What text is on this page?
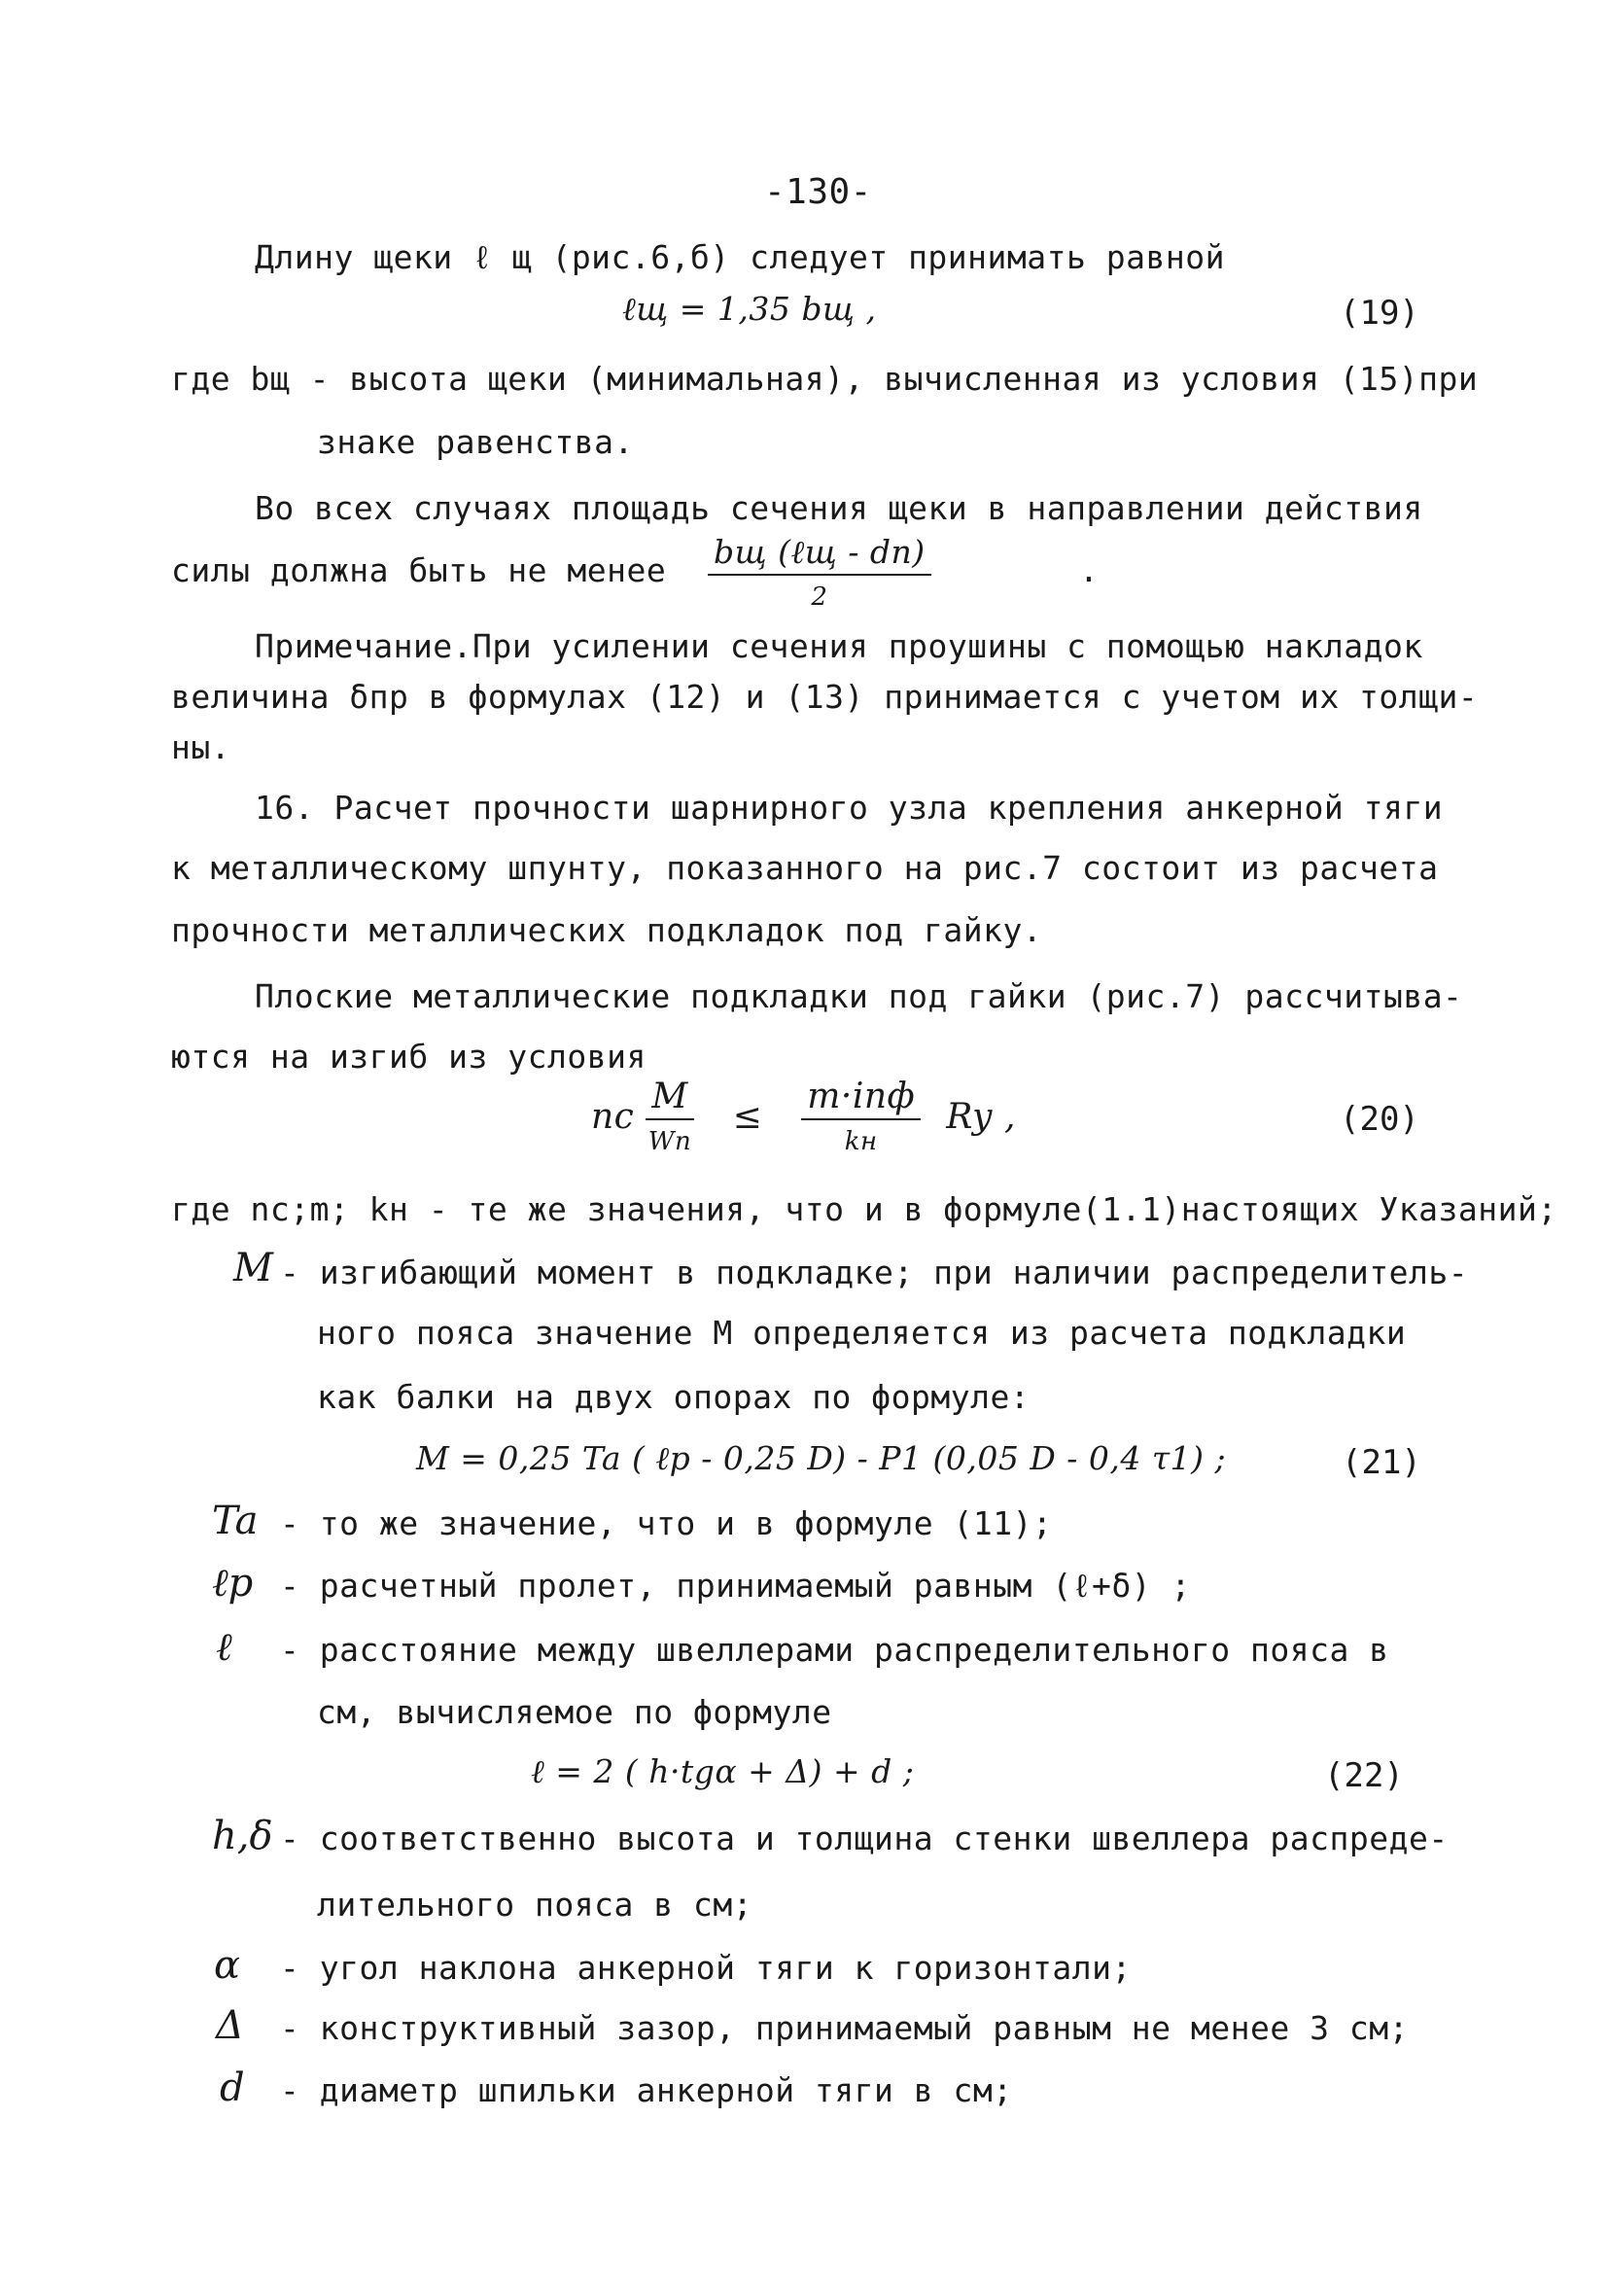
-130-
Длину щеки ℓ щ (рис.6,б) следует принимать равной
ℓщ = 1,35 bщ ,	(19)
где bщ - высота щеки (минимальная), вычисленная из условия (15)при
знаке равенства.
Во всех случаях площадь сечения щеки в направлении действия
силы должна быть не менее $\frac{\text{bщ (ℓщ - dп)}}{2}$	.
Примечание.При усилении сечения проушины с помощью накладок
величина δпр в формулах (12) и (13) принимается с учетом их толщи-
ны.
16. Расчет прочности шарнирного узла крепления анкерной тяги
к металлическому шпунту, показанного на рис.7 состоит из расчета
прочности металлических подкладок под гайку.
Плоские металлические подкладки под гайки (рис.7) рассчитыва-
ются на изгиб из условия
nc $\frac{M}{Wп} \le \frac{\text{m·inф}}{kн}$ Ry ,	(20)
где nc;m; kн - те же значения, что и в формуле(1.1)настоящих Указаний;
M - изгибающий момент в подкладке; при наличии распределитель-
ного пояса значение M определяется из расчета подкладки
как балки на двух опорах по формуле:
M = 0,25 Ta ( ℓp - 0,25 D) - P1 (0,05 D - 0,4 τ1) ;	(21)
Ta - то же значение, что и в формуле (11);
ℓp - расчетный пролет, принимаемый равным (ℓ+δ) ;
ℓ - расстояние между швеллерами распределительного пояса в
см, вычисляемое по формуле
ℓ = 2 ( h·tgα + Δ) + d ;	(22)
h,δ - соответственно высота и толщина стенки швеллера распреде-
лительного пояса в см;
α - угол наклона анкерной тяги к горизонтали;
Δ - конструктивный зазор, принимаемый равным не менее 3 см;
d - диаметр шпильки анкерной тяги в см;
